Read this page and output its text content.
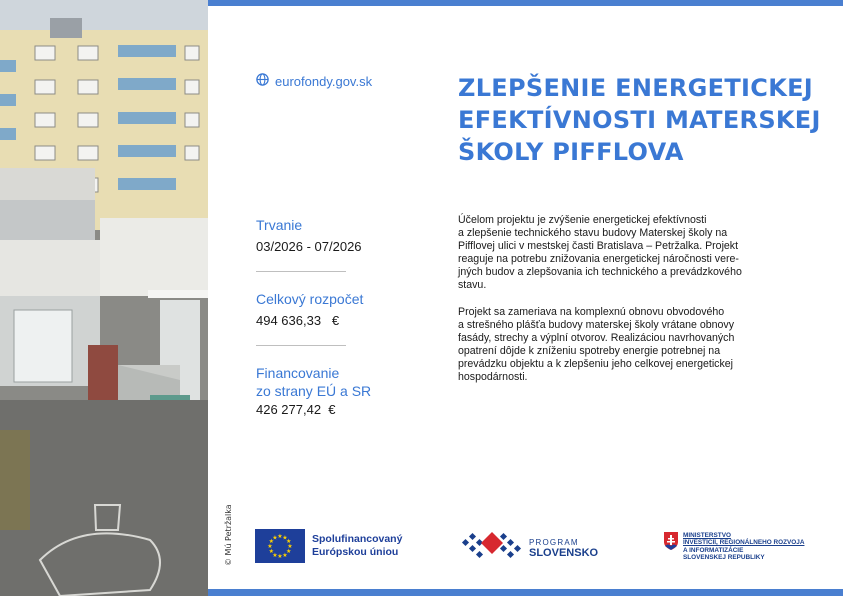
© Mú Petržalka
eurofondy.gov.sk	ZLEPŠENIE ENERGETICKEJ EFEKTÍVNOSTI MATERSKEJ ŠKOLY PIFFLOVA
Trvanie
03/2026 - 07/2026
Celkový rozpočet
494 636,33   €
Financovanie
zo strany EÚ a SR
426 277,42  €

Účelom projektu je zvýšenie energetickej efektívnosti
a zlepšenie technického stavu budovy Materskej školy na
Pifflovej ulici v mestskej časti Bratislava – Petržalka. Projekt
reaguje na potrebu znižovania energetickej náročnosti vere-
jných budov a zlepšovania ich technického a prevádzkového
stavu.

Projekt sa zameriava na komplexnú obnovu obvodového
a strešného plášťa budovy materskej školy vrátane obnovy
fasády, strechy a výplní otvorov. Realizáciou navrhovaných
opatrení dôjde k zníženiu spotreby energie potrebnej na
prevádzku objektu a k zlepšeniu jeho celkovej energetickej
hospodárnosti.

★ ★
★
★
★
★
★
★
★
★
★
★	Spolufinancovaný
Európskou úniou
PROGRAM
SLOVENSKO
MINISTERSTVO
INVESTÍCIÍ, REGIONÁLNEHO ROZVOJA
A INFORMATIZÁCIE
SLOVENSKEJ REPUBLIKY
